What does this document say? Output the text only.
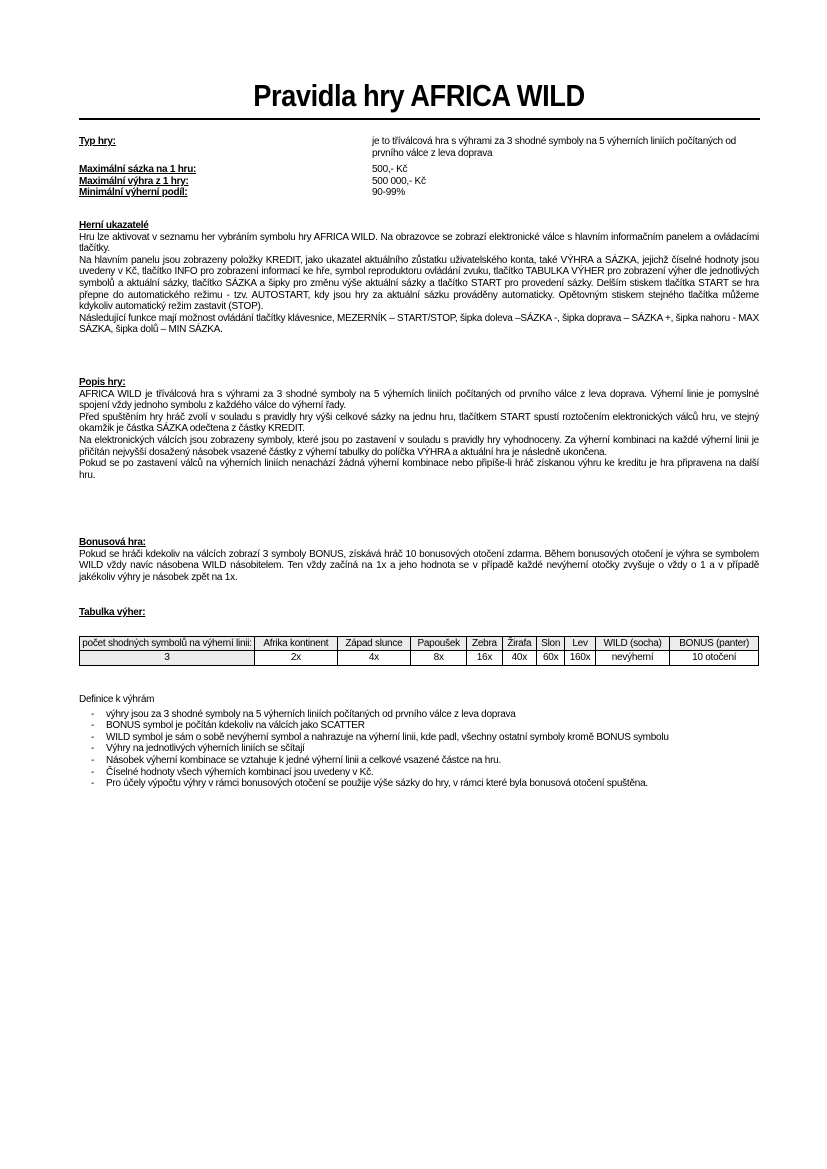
Pravidla hry AFRICA WILD
Typ hry:	je to tříválcová hra s výhrami za 3 shodné symboly na 5 výherních liniích počítaných od prvního válce z leva doprava
Maximální sázka na 1 hru:	500,- Kč
Maximální výhra z 1 hry:	500 000,- Kč
Minimální výherní podíl:	90-99%

Herní ukazatelé

Hru lze aktivovat v seznamu her vybráním symbolu hry AFRICA WILD. Na obrazovce se zobrazí elektronické válce s hlavním informačním panelem a ovládacími tlačítky.

Na hlavním panelu jsou zobrazeny položky KREDIT, jako ukazatel aktuálního zůstatku uživatelského konta, také VÝHRA a SÁZKA, jejichž číselné hodnoty jsou uvedeny v Kč, tlačítko INFO pro zobrazení informací ke hře, symbol reproduktoru ovládání zvuku, tlačítko TABULKA VÝHER pro zobrazení výher dle jednotlivých symbolů a aktuální sázky, tlačítko SÁZKA a šipky pro změnu výše aktuální sázky a tlačítko START pro provedení sázky. Delším stiskem tlačítka START se hra přepne do automatického režimu - tzv. AUTOSTART, kdy jsou hry za aktuální sázku prováděny automaticky. Opětovným stiskem stejného tlačítka můžeme kdykoliv automatický režim zastavit (STOP).

Následující funkce mají možnost ovládání tlačítky klávesnice, MEZERNÍK – START/STOP, šipka doleva –SÁZKA -, šipka doprava – SÁZKA +, šipka nahoru - MAX SÁZKA, šipka dolů – MIN SÁZKA.

Popis hry:

AFRICA WILD je tříválcová hra s výhrami za 3 shodné symboly na 5 výherních liniích počítaných od prvního válce z leva doprava. Výherní linie je pomyslné spojení vždy jednoho symbolu z každého válce do výherní řady.

Před spuštěním hry hráč zvolí v souladu s pravidly hry výši celkové sázky na jednu hru, tlačítkem START spustí roztočením elektronických válců hru, ve stejný okamžik je částka SÁZKA odečtena z částky KREDIT.

Na elektronických válcích jsou zobrazeny symboly, které jsou po zastavení v souladu s pravidly hry vyhodnoceny. Za výherní kombinaci na každé výherní linii je přičítán nejvyšší dosažený násobek vsazené částky z výherní tabulky do políčka VÝHRA a aktuální hra je následně ukončena.

Pokud se po zastavení válců na výherních liniích nenachází žádná výherní kombinace nebo připíše-li hráč získanou výhru ke kreditu je hra připravena na další hru.

Bonusová hra:

Pokud se hráči kdekoliv na válcích zobrazí 3 symboly BONUS, získává hráč 10 bonusových otočení zdarma. Během bonusových otočení je výhra se symbolem WILD vždy navíc násobena WILD násobitelem. Ten vždy začíná na 1x a jeho hodnota se v případě každé nevýherní otočky zvyšuje o vždy o 1 a v případě jakékoliv výhry je násobek zpět na 1x.

Tabulka výher:

počet shodných symbolů na výherní linii:	Afrika kontinent	Západ slunce	Papoušek	Zebra	Žirafa	Slon	Lev	WILD (socha)	BONUS (panter)
3	2x	4x	8x	16x	40x	60x	160x	nevýherní	10 otočení

Definice k výhrám

- výhry jsou za 3 shodné symboly na 5 výherních liniích počítaných od prvního válce z leva doprava
- BONUS symbol je počítán kdekoliv na válcích jako SCATTER
- WILD symbol je sám o sobě nevýherní symbol a nahrazuje na výherní linii, kde padl, všechny ostatní symboly kromě BONUS symbolu
- Výhry na jednotlivých výherních liniích se sčítají
- Násobek výherní kombinace se vztahuje k jedné výherní linii a celkové vsazené částce na hru.
- Číselné hodnoty všech výherních kombinací jsou uvedeny v Kč.
- Pro účely výpočtu výhry v rámci bonusových otočení se použije výše sázky do hry, v rámci které byla bonusová otočení spuštěna.
